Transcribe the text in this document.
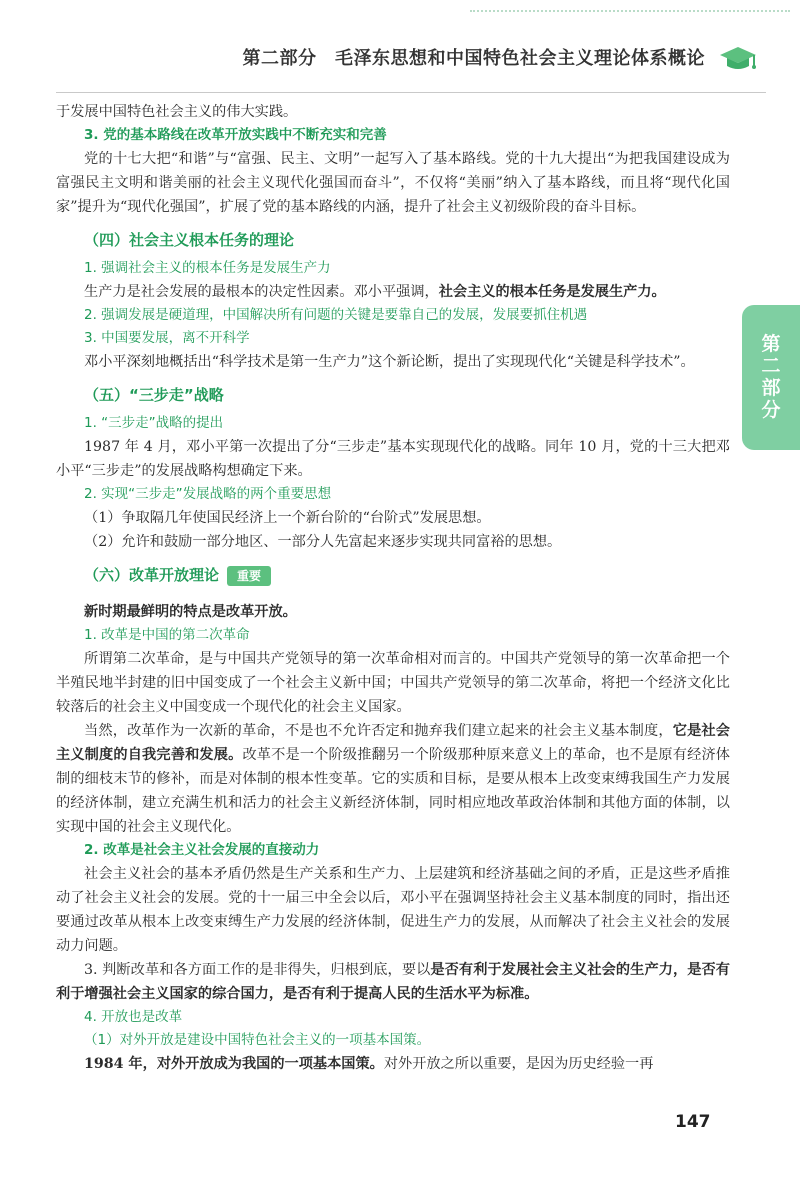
第二部分　毛泽东思想和中国特色社会主义理论体系概论
第二部分

于发展中国特色社会主义的伟大实践。

3. 党的基本路线在改革开放实践中不断充实和完善

党的十七大把“和谐”与“富强、民主、文明”一起写入了基本路线。党的十九大提出“为把我国建设成为富强民主文明和谐美丽的社会主义现代化强国而奋斗”，不仅将“美丽”纳入了基本路线，而且将“现代化国家”提升为“现代化强国”，扩展了党的基本路线的内涵，提升了社会主义初级阶段的奋斗目标。

（四）社会主义根本任务的理论

1. 强调社会主义的根本任务是发展生产力

生产力是社会发展的最根本的决定性因素。邓小平强调，社会主义的根本任务是发展生产力。

2. 强调发展是硬道理，中国解决所有问题的关键是要靠自己的发展，发展要抓住机遇

3. 中国要发展，离不开科学

邓小平深刻地概括出“科学技术是第一生产力”这个新论断，提出了实现现代化“关键是科学技术”。

（五）“三步走”战略

1. “三步走”战略的提出

1987 年 4 月，邓小平第一次提出了分“三步走”基本实现现代化的战略。同年 10 月，党的十三大把邓小平“三步走”的发展战略构想确定下来。

2. 实现“三步走”发展战略的两个重要思想

（1）争取隔几年使国民经济上一个新台阶的“台阶式”发展思想。

（2）允许和鼓励一部分地区、一部分人先富起来逐步实现共同富裕的思想。

（六）改革开放理论 重要

新时期最鲜明的特点是改革开放。

1. 改革是中国的第二次革命

所谓第二次革命，是与中国共产党领导的第一次革命相对而言的。中国共产党领导的第一次革命把一个半殖民地半封建的旧中国变成了一个社会主义新中国；中国共产党领导的第二次革命，将把一个经济文化比较落后的社会主义中国变成一个现代化的社会主义国家。

当然，改革作为一次新的革命，不是也不允许否定和抛弃我们建立起来的社会主义基本制度，它是社会主义制度的自我完善和发展。改革不是一个阶级推翻另一个阶级那种原来意义上的革命，也不是原有经济体制的细枝末节的修补，而是对体制的根本性变革。它的实质和目标，是要从根本上改变束缚我国生产力发展的经济体制，建立充满生机和活力的社会主义新经济体制，同时相应地改革政治体制和其他方面的体制，以实现中国的社会主义现代化。

2. 改革是社会主义社会发展的直接动力

社会主义社会的基本矛盾仍然是生产关系和生产力、上层建筑和经济基础之间的矛盾，正是这些矛盾推动了社会主义社会的发展。党的十一届三中全会以后，邓小平在强调坚持社会主义基本制度的同时，指出还要通过改革从根本上改变束缚生产力发展的经济体制，促进生产力的发展，从而解决了社会主义社会的发展动力问题。

3. 判断改革和各方面工作的是非得失，归根到底，要以是否有利于发展社会主义社会的生产力，是否有利于增强社会主义国家的综合国力，是否有利于提高人民的生活水平为标准。

4. 开放也是改革

（1）对外开放是建设中国特色社会主义的一项基本国策。

1984 年，对外开放成为我国的一项基本国策。对外开放之所以重要，是因为历史经验一再

147
